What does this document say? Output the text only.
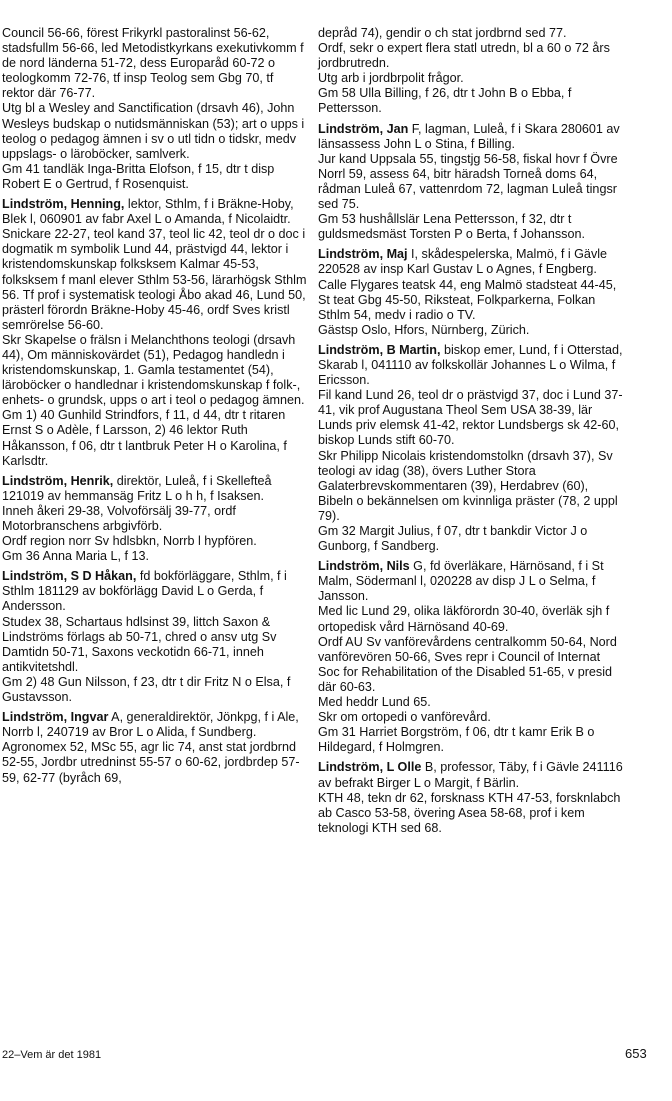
Council 56-66, förest Frikyrkl pastoralinst 56-62, stadsfullm 56-66, led Metodistkyrkans exekutivkomm f de nord länderna 51-72, dess Europaråd 60-72 o teologkomm 72-76, tf insp Teolog sem Gbg 70, tf rektor där 76-77.

Utg bl a Wesley and Sanctification (drsavh 46), John Wesleys budskap o nutidsmänniskan (53); art o upps i teolog o pedagog ämnen i sv o utl tidn o tidskr, medv uppslags- o läroböcker, samlverk.

Gm 41 tandläk Inga-Britta Elofson, f 15, dtr t disp Robert E o Gertrud, f Rosenquist.

Lindström, Henning, lektor, Sthlm, f i Bräkne-Hoby, Blek l, 060901 av fabr Axel L o Amanda, f Nicolaidtr.

Snickare 22-27, teol kand 37, teol lic 42, teol dr o doc i dogmatik m symbolik Lund 44, prästvigd 44, lektor i kristendomskunskap folksksem Kalmar 45-53, folksksem f manl elever Sthlm 53-56, lärarhögsk Sthlm 56. Tf prof i systematisk teologi Åbo akad 46, Lund 50, prästerl förordn Bräkne-Hoby 45-46, ordf Sves kristl semrörelse 56-60.

Skr Skapelse o frälsn i Melanchthons teologi (drsavh 44), Om människovärdet (51), Pedagog handledn i kristendomskunskap, 1. Gamla testamentet (54), läroböcker o handlednar i kristendomskunskap f folk-, enhets- o grundsk, upps o art i teol o pedagog ämnen.

Gm 1) 40 Gunhild Strindfors, f 11, d 44, dtr t ritaren Ernst S o Adèle, f Larsson, 2) 46 lektor Ruth Håkansson, f 06, dtr t lantbruk Peter H o Karolina, f Karlsdtr.

Lindström, Henrik, direktör, Luleå, f i Skellefteå 121019 av hemmansäg Fritz L o h h, f Isaksen.

Inneh åkeri 29-38, Volvoförsälj 39-77, ordf Motorbranschens arbgivförb.

Ordf region norr Sv hdlsbkn, Norrb l hypfören.

Gm 36 Anna Maria L, f 13.

Lindström, S D Håkan, fd bokförläggare, Sthlm, f i Sthlm 181129 av bokförlägg David L o Gerda, f Andersson.

Studex 38, Schartaus hdlsinst 39, littch Saxon & Lindströms förlags ab 50-71, chred o ansv utg Sv Damtidn 50-71, Saxons veckotidn 66-71, inneh antikvitetshdl.

Gm 2) 48 Gun Nilsson, f 23, dtr t dir Fritz N o Elsa, f Gustavsson.

Lindström, Ingvar A, generaldirektör, Jönkpg, f i Ale, Norrb l, 240719 av Bror L o Alida, f Sundberg.

Agronomex 52, MSc 55, agr lic 74, anst stat jordbrnd 52-55, Jordbr utredninst 55-57 o 60-62, jordbrdep 57-59, 62-77 (byråch 69,

depråd 74), gendir o ch stat jordbrnd sed 77.

Ordf, sekr o expert flera statl utredn, bl a 60 o 72 års jordbrutredn.

Utg arb i jordbrpolit frågor.

Gm 58 Ulla Billing, f 26, dtr t John B o Ebba, f Pettersson.

Lindström, Jan F, lagman, Luleå, f i Skara 280601 av länsassess John L o Stina, f Billing.

Jur kand Uppsala 55, tingstjg 56-58, fiskal hovr f Övre Norrl 59, assess 64, bitr häradsh Torneå doms 64, rådman Luleå 67, vattenrdom 72, lagman Luleå tingsr sed 75.

Gm 53 hushållslär Lena Pettersson, f 32, dtr t guldsmedsmäst Torsten P o Berta, f Johansson.

Lindström, Maj I, skådespelerska, Malmö, f i Gävle 220528 av insp Karl Gustav L o Agnes, f Engberg.

Calle Flygares teatsk 44, eng Malmö stadsteat 44-45, St teat Gbg 45-50, Riksteat, Folkparkerna, Folkan Sthlm 54, medv i radio o TV.

Gästsp Oslo, Hfors, Nürnberg, Zürich.

Lindström, B Martin, biskop emer, Lund, f i Otterstad, Skarab l, 041110 av folkskollär Johannes L o Wilma, f Ericsson.

Fil kand Lund 26, teol dr o prästvigd 37, doc i Lund 37-41, vik prof Augustana Theol Sem USA 38-39, lär Lunds priv elemsk 41-42, rektor Lundsbergs sk 42-60, biskop Lunds stift 60-70.

Skr Philipp Nicolais kristendomstolkn (drsavh 37), Sv teologi av idag (38), övers Luther Stora Galaterbrevskommentaren (39), Herdabrev (60), Bibeln o bekännelsen om kvinnliga präster (78, 2 uppl 79).

Gm 32 Margit Julius, f 07, dtr t bankdir Victor J o Gunborg, f Sandberg.

Lindström, Nils G, fd överläkare, Härnösand, f i St Malm, Södermanl l, 020228 av disp J L o Selma, f Jansson.

Med lic Lund 29, olika läkförordn 30-40, överläk sjh f ortopedisk vård Härnösand 40-69.

Ordf AU Sv vanförevårdens centralkomm 50-64, Nord vanförevören 50-66, Sves repr i Council of Internat Soc for Rehabilitation of the Disabled 51-65, v presid där 60-63.

Med heddr Lund 65.

Skr om ortopedi o vanförevård.

Gm 31 Harriet Borgström, f 06, dtr t kamr Erik B o Hildegard, f Holmgren.

Lindström, L Olle B, professor, Täby, f i Gävle 241116 av befrakt Birger L o Margit, f Bärlin.

KTH 48, tekn dr 62, forsknass KTH 47-53, forsknlabch ab Casco 53-58, övering Asea 58-68, prof i kem teknologi KTH sed 68.

22–Vem är det 1981	653
